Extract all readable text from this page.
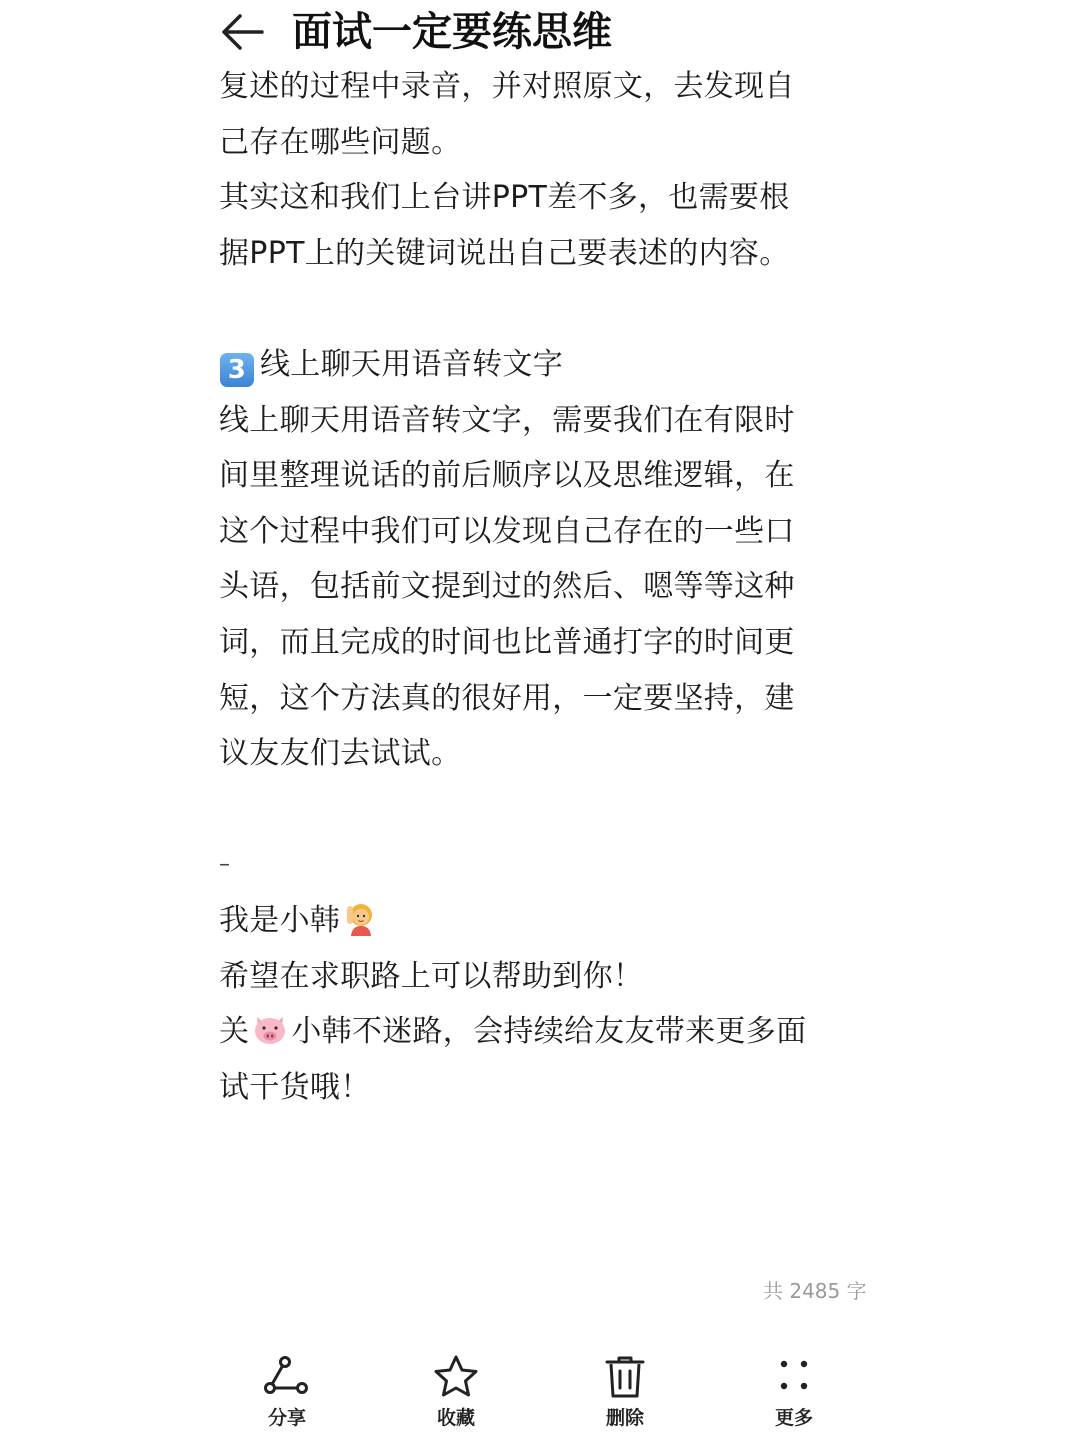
面试一定要练思维
复述的过程中录音，并对照原文，去发现自
己存在哪些问题。
其实这和我们上台讲PPT差不多，也需要根
据PPT上的关键词说出自己要表述的内容。
3 线上聊天用语音转文字
线上聊天用语音转文字，需要我们在有限时
间里整理说话的前后顺序以及思维逻辑，在
这个过程中我们可以发现自己存在的一些口
头语，包括前文提到过的然后、嗯等等这种
词，而且完成的时间也比普通打字的时间更
短，这个方法真的很好用，一定要坚持，建
议友友们去试试。
–
我是小韩
希望在求职路上可以帮助到你！
关 小韩不迷路，会持续给友友带来更多面
试干货哦！
共 2485 字
分享	收藏	删除	更多
